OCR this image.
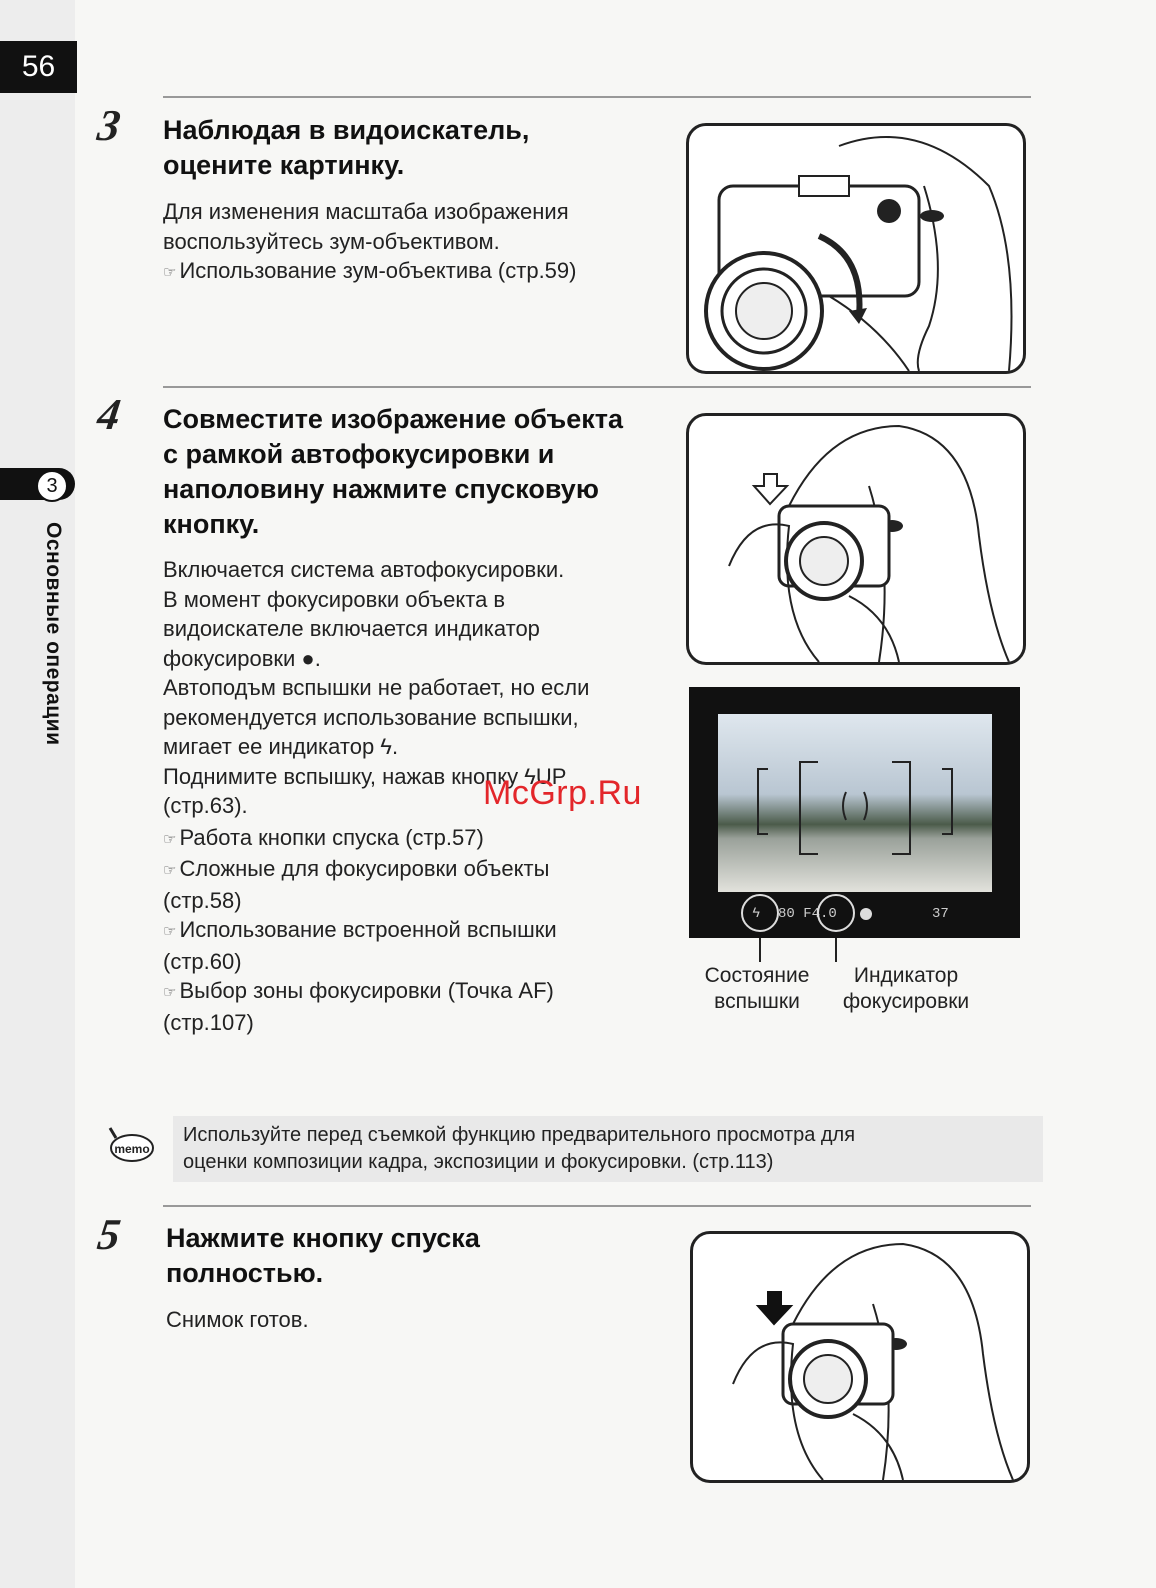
56
3
Основные операции
3 Наблюдая в видоискатель,
оцените картинку.
Для изменения масштаба изображения
воспользуйтесь зум-объективом.
☞ Использование зум-объектива (стр.59)
4 Совместите изображение объекта
с рамкой автофокусировки и
наполовину нажмите спусковую
кнопку.
Включается система автофокусировки.
В момент фокусировки объекта в
видоискателе включается индикатор
фокусировки ●.
Автоподъм вспышки не работает, но если
рекомендуется использование вспышки,
мигает ее индикатор ϟ.
Поднимите вспышку, нажав кнопку ϟUP
(стр.63).
☞ Работа кнопки спуска (стр.57)
☞ Сложные для фокусировки объекты
(стр.58)
☞ Использование встроенной вспышки
(стр.60)
☞ Выбор зоны фокусировки (Точка AF)
(стр.107)
ϟ 80 F4.0	37
Состояние
вспышки
Индикатор
фокусировки
McGrp.Ru
memo
Используйте перед съемкой функцию предварительного просмотра для
оценки композиции кадра, экспозиции и фокусировки. (стр.113)
5 Нажмите кнопку спуска
полностью.
Снимок готов.
